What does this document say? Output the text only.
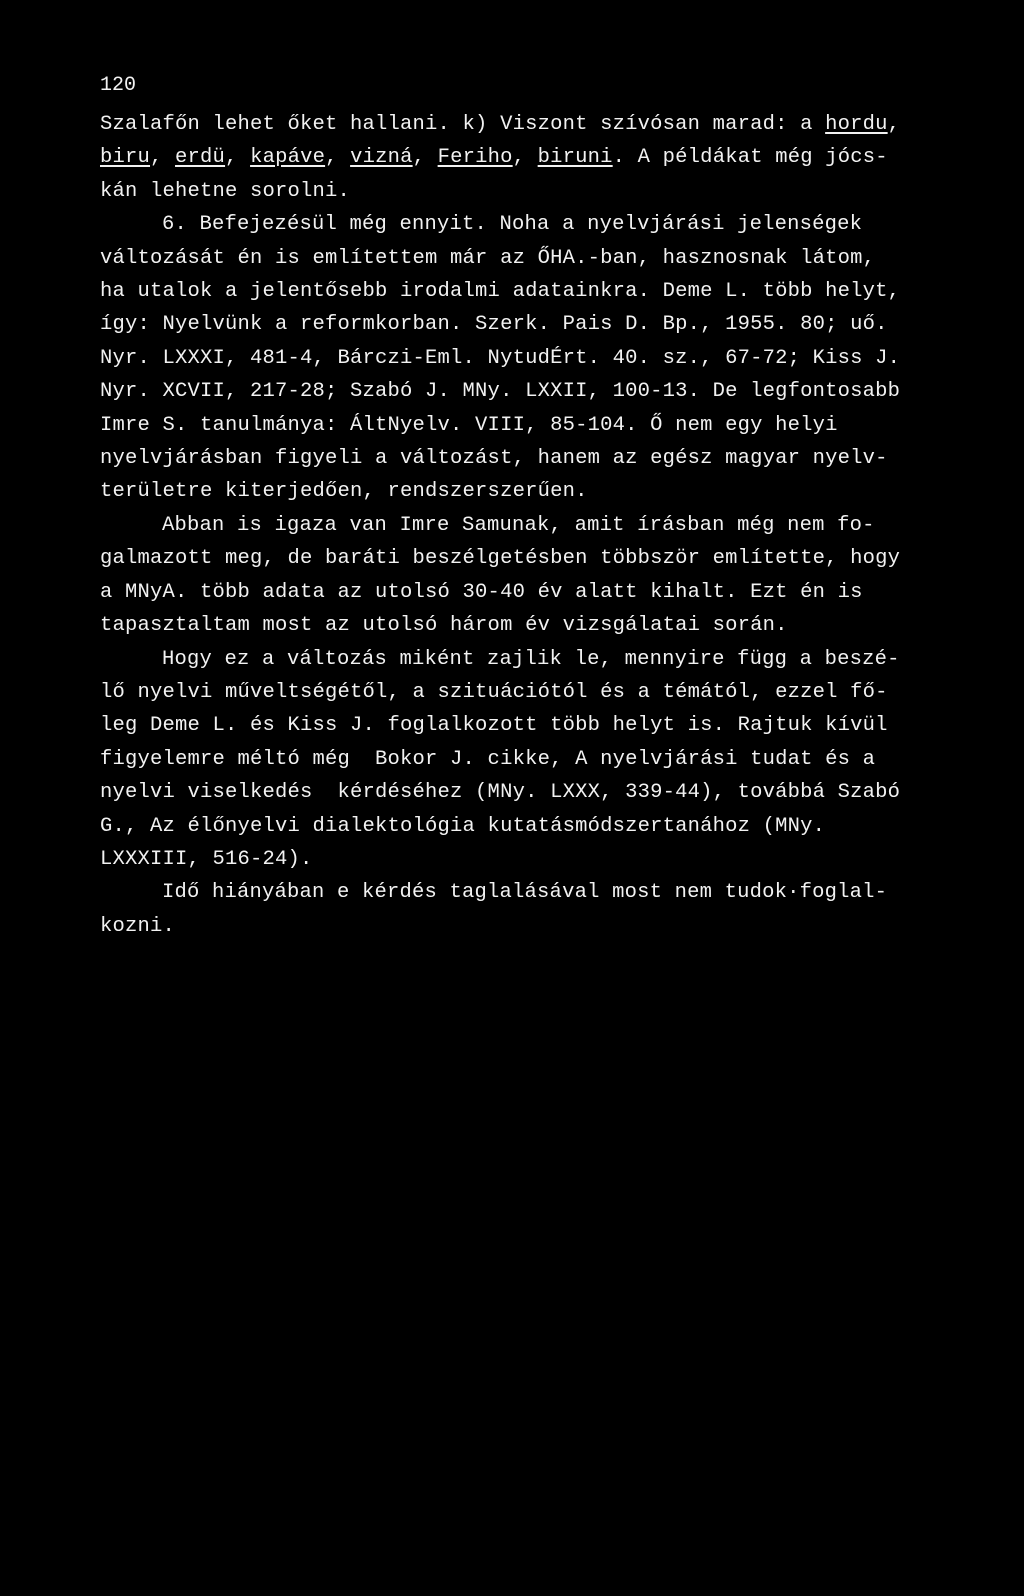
120
Szalafőn lehet őket hallani. k) Viszont szívósan marad: a hordu,
biru, erdü, kapáve, vizná, Feriho, biruni. A példákat még jócs-
kán lehetne sorolni.
6. Befejezésül még ennyit. Noha a nyelvjárási jelenségek
változását én is említettem már az ŐHA.-ban, hasznosnak látom,
ha utalok a jelentősebb irodalmi adatainkra. Deme L. több helyt,
így: Nyelvünk a reformkorban. Szerk. Pais D. Bp., 1955. 80; uő.
Nyr. LXXXI, 481-4, Bárczi-Eml. NytudÉrt. 40. sz., 67-72; Kiss J.
Nyr. XCVII, 217-28; Szabó J. MNy. LXXII, 100-13. De legfontosabb
Imre S. tanulmánya: ÁltNyelv. VIII, 85-104. Ő nem egy helyi
nyelvjárásban figyeli a változást, hanem az egész magyar nyelv-
területre kiterjedően, rendszerszerűen.
Abban is igaza van Imre Samunak, amit írásban még nem fo-
galmazott meg, de baráti beszélgetésben többször említette, hogy
a MNyA. több adata az utolsó 30-40 év alatt kihalt. Ezt én is
tapasztaltam most az utolsó három év vizsgálatai során.
Hogy ez a változás miként zajlik le, mennyire függ a beszé-
lő nyelvi műveltségétől, a szituációtól és a témától, ezzel fő-
leg Deme L. és Kiss J. foglalkozott több helyt is. Rajtuk kívül
figyelemre méltó még  Bokor J. cikke, A nyelvjárási tudat és a
nyelvi viselkedés  kérdéséhez (MNy. LXXX, 339-44), továbbá Szabó
G., Az élőnyelvi dialektológia kutatásmódszertanához (MNy.
LXXXIII, 516-24).
Idő hiányában e kérdés taglalásával most nem tudok·foglal-
kozni.
